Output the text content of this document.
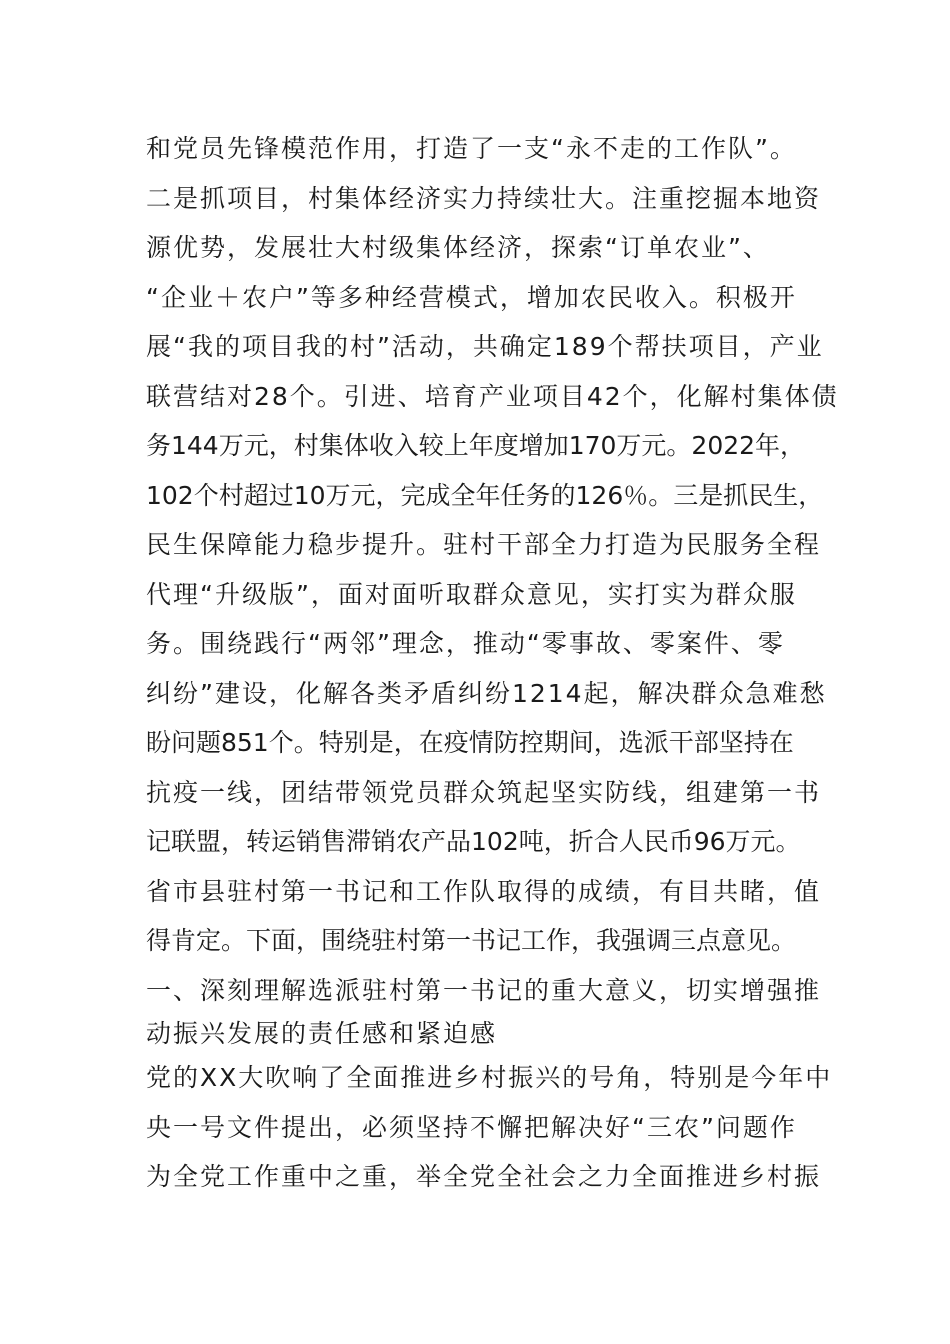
和党员先锋模范作用，打造了一支“永不走的工作队”。
二是抓项目，村集体经济实力持续壮大。注重挖掘本地资
源优势，发展壮大村级集体经济，探索“订单农业”、
“企业＋农户”等多种经营模式，增加农民收入。积极开
展“我的项目我的村”活动，共确定189个帮扶项目，产业
联营结对28个。引进、培育产业项目42个，化解村集体债
务144万元，村集体收入较上年度增加170万元。2022年，
102个村超过10万元，完成全年任务的126％。三是抓民生，
民生保障能力稳步提升。驻村干部全力打造为民服务全程
代理“升级版”，面对面听取群众意见，实打实为群众服
务。围绕践行“两邻”理念，推动“零事故、零案件、零
纠纷”建设，化解各类矛盾纠纷1214起，解决群众急难愁
盼问题851个。特别是，在疫情防控期间，选派干部坚持在
抗疫一线，团结带领党员群众筑起坚实防线，组建第一书
记联盟，转运销售滞销农产品102吨，折合人民币96万元。
省市县驻村第一书记和工作队取得的成绩，有目共睹，值
得肯定。下面，围绕驻村第一书记工作，我强调三点意见。
一、深刻理解选派驻村第一书记的重大意义，切实增强推
动振兴发展的责任感和紧迫感
党的XX大吹响了全面推进乡村振兴的号角，特别是今年中
央一号文件提出，必须坚持不懈把解决好“三农”问题作
为全党工作重中之重，举全党全社会之力全面推进乡村振
